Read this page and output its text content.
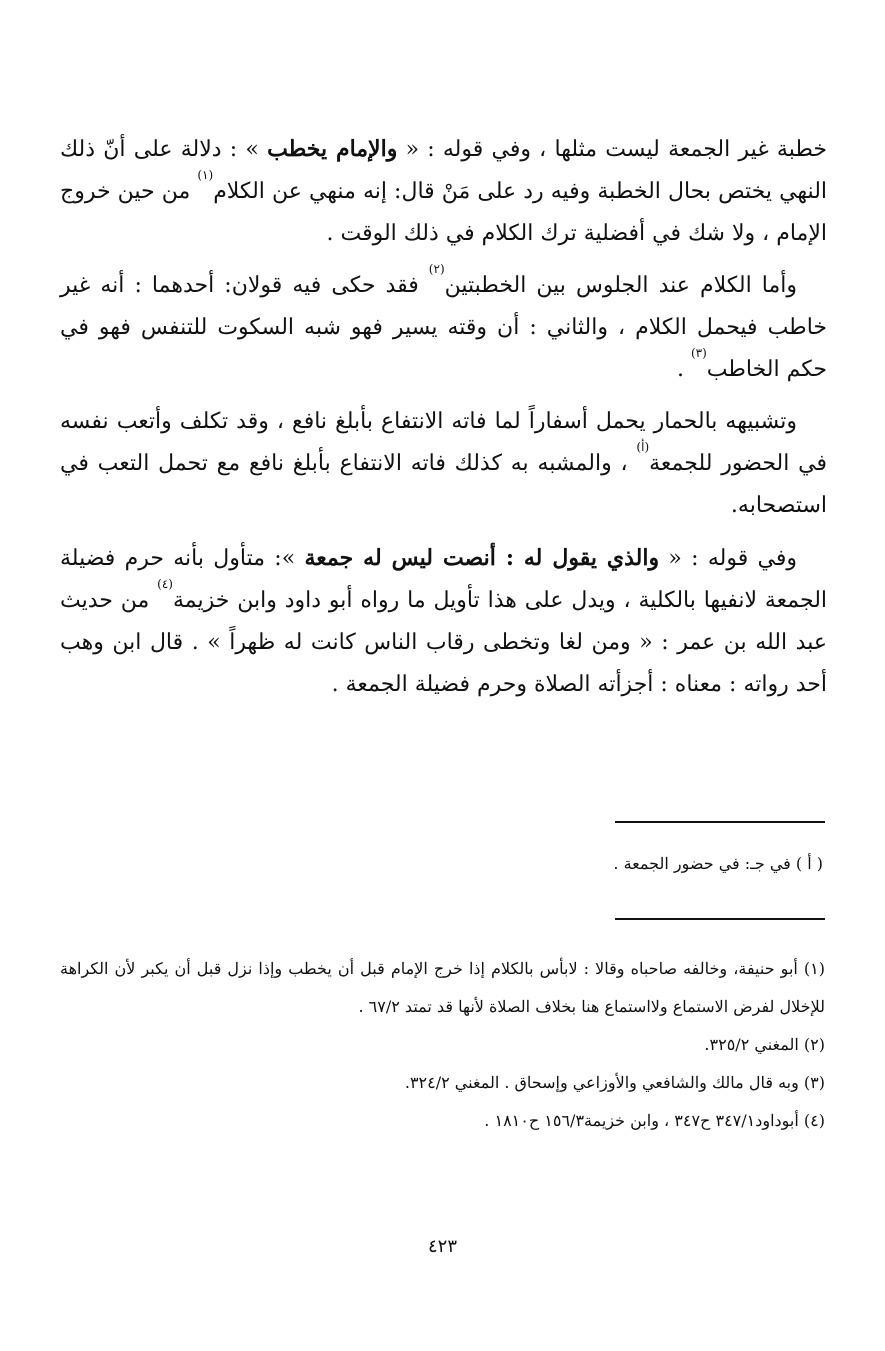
خطبة غير الجمعة ليست مثلها ، وفي قوله : « والإمام يخطب » : دلالة على أنّ ذلك النهي يختص بحال الخطبة وفيه رد على مَنْ قال: إنه منهي عن الكلام$^{(١)}$ من حين خروج الإمام ، ولا شك في أفضلية ترك الكلام في ذلك الوقت .

وأما الكلام عند الجلوس بين الخطبتين$^{(٢)}$ فقد حكى فيه قولان: أحدهما : أنه غير خاطب فيحمل الكلام ، والثاني : أن وقته يسير فهو شبه السكوت للتنفس فهو في حكم الخاطب$^{(٣)}$ .

وتشبيهه بالحمار يحمل أسفاراً لما فاته الانتفاع بأبلغ نافع ، وقد تكلف وأتعب نفسه في الحضور للجمعة$^{(أ)}$ ، والمشبه به كذلك فاته الانتفاع بأبلغ نافع مع تحمل التعب في استصحابه.

وفي قوله : « والذي يقول له : أنصت ليس له جمعة »: متأول بأنه حرم فضيلة الجمعة لانفيها بالكلية ، ويدل على هذا تأويل ما رواه أبو داود وابن خزيمة$^{(٤)}$ من حديث عبد الله بن عمر : « ومن لغا وتخطى رقاب الناس كانت له ظهراً » . قال ابن وهب أحد رواته : معناه : أجزأته الصلاة وحرم فضيلة الجمعة .

( أ ) في جـ: في حضور الجمعة .

(١) أبو حنيفة، وخالفه صاحباه وقالا : لابأس بالكلام إذا خرج الإمام قبل أن يخطب وإذا نزل قبل أن يكبر لأن الكراهة للإخلال لفرض الاستماع ولااستماع هنا بخلاف الصلاة لأنها قد تمتد ٦٧/٢ .

(٢) المغني ٣٢٥/٢.

(٣) وبه قال مالك والشافعي والأوزاعي وإسحاق . المغني ٣٢٤/٢.

(٤) أبوداود٣٤٧/١ ح٣٤٧ ، وابن خزيمة١٥٦/٣ ح١٨١٠ .

٤٢٣
